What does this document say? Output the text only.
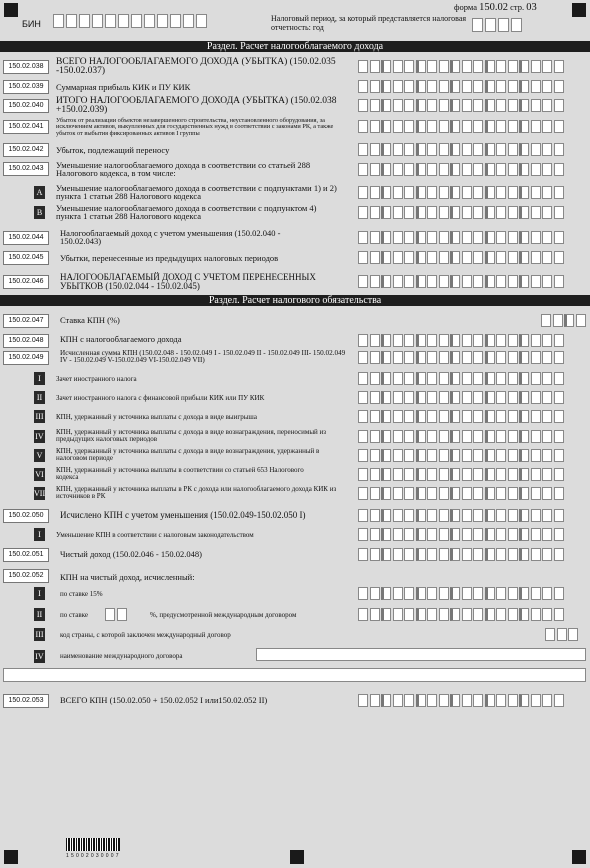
форма 150.02 стр. 03
БИН
Налоговый период, за который представляется налоговая отчетность: год
Раздел. Расчет налогооблагаемого дохода
150.02.038	ВСЕГО НАЛОГООБЛАГАЕМОГО ДОХОДА (УБЫТКА) (150.02.035 -150.02.037)
150.02.039	Суммарная прибыль КИК и ПУ КИК
150.02.040	ИТОГО НАЛОГООБЛАГАЕМОГО ДОХОДА (УБЫТКА) (150.02.038 +150.02.039)
150.02.041
Убыток от реализации объектов незавершенного строительства, неустановленного оборудования, за исключением активов, выкупленных для государственных нужд в соответствии с законами РК, а также убыток от выбытия фиксированных активов I группы
150.02.042	Убыток, подлежащий переносу
150.02.043	Уменьшение налогооблагаемого дохода в соответствии со статьей 288 Налогового кодекса, в том числе:
A	Уменьшение налогооблагаемого дохода в соответствии с подпунктами 1) и 2) пункта 1 статьи 288 Налогового кодекса
B	Уменьшение налогооблагаемого дохода в соответствии с подпунктом 4) пункта 1 статьи 288 Налогового кодекса
150.02.044	Налогооблагаемый доход с учетом уменьшения (150.02.040 - 150.02.043)
150.02.045	Убытки, перенесенные из предыдущих налоговых периодов
150.02.046	НАЛОГООБЛАГАЕМЫЙ ДОХОД С УЧЕТОМ ПЕРЕНЕСЕННЫХ УБЫТКОВ (150.02.044 - 150.02.045)
Раздел. Расчет налогового обязательства
150.02.047	Ставка КПН (%)
150.02.048	КПН с налогооблагаемого дохода
150.02.049
Исчисленная сумма КПН (150.02.048 - 150.02.049 I - 150.02.049 II - 150.02.049 III- 150.02.049 IV - 150.02.049 V-150.02.049 VI-150.02.049 VII)
I	Зачет иностранного налога
II	Зачет иностранного налога с финансовой прибыли КИК или ПУ КИК
III КПН, удержанный у источника выплаты с дохода в виде выигрыша
IV КПН, удержанный у источника выплаты с дохода в виде вознаграждения, переносимый из предыдущих налоговых периодов
V	КПН, удержанный у источника выплаты с дохода в виде вознаграждения, удержанный в налоговом периоде
VI КПН, удержанный у источника выплаты в соответствии со статьей 653 Налогового кодекса
VII КПН, удержанный у источника выплаты в РК с дохода или налогооблагаемого дохода КИК из источников в РК
150.02.050	Исчислено КПН с учетом уменьшения (150.02.049-150.02.050 I)
I	Уменьшение КПН в соответствии с налоговым законодательством
150.02.051	Чистый доход (150.02.046 - 150.02.048)
150.02.052	КПН на чистый доход, исчисленный:
I	по ставке 15%
II	по ставке	%, предусмотренной международным договором
III код страны, с которой заключен международный договор
IV наименование международного договора
150.02.053	ВСЕГО КПН (150.02.050 + 150.02.052 I или150.02.052 II)
1 5 0 0 2 0 3 0 0 0 7
